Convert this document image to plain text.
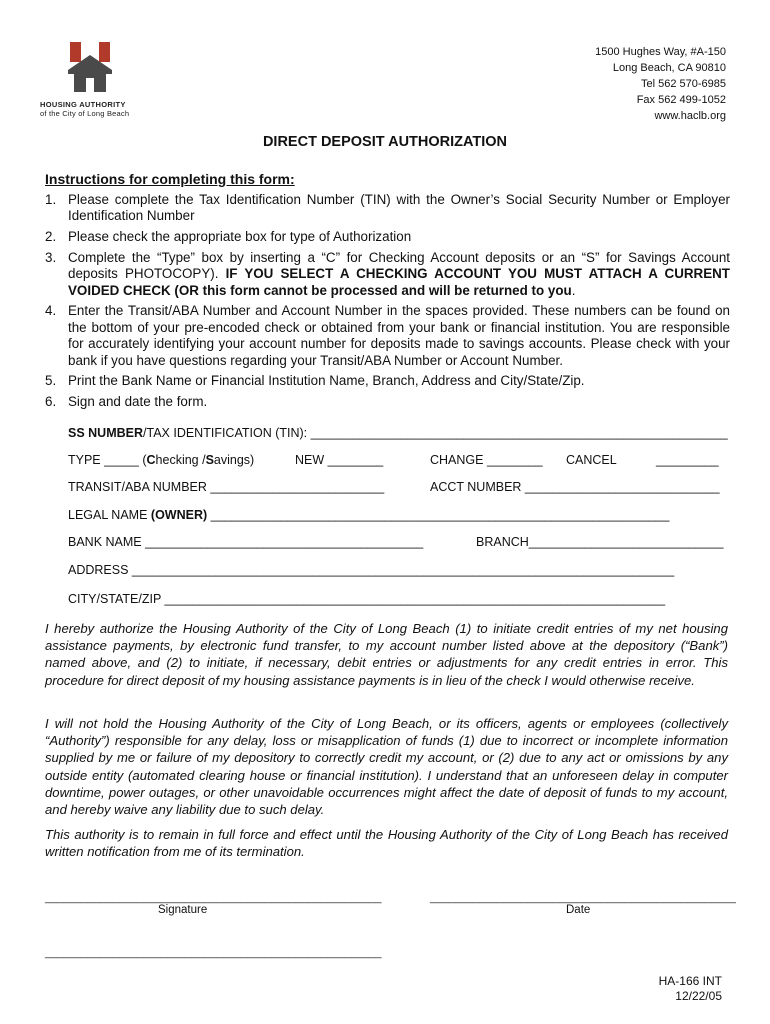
HOUSING AUTHORITY
of the City of Long Beach
1500 Hughes Way, #A-150
Long Beach, CA 90810
Tel 562 570-6985
Fax 562 499-1052
www.haclb.org
DIRECT DEPOSIT AUTHORIZATION
Instructions for completing this form:
1. Please complete the Tax Identification Number (TIN) with the Owner’s Social Security Number or Employer Identification Number
2. Please check the appropriate box for type of Authorization
3. Complete the “Type” box by inserting a “C” for Checking Account deposits or an “S” for Savings Account deposits PHOTOCOPY). IF YOU SELECT A CHECKING ACCOUNT YOU MUST ATTACH A CURRENT VOIDED CHECK (OR this form cannot be processed and will be returned to you.
4. Enter the Transit/ABA Number and Account Number in the spaces provided. These numbers can be found on the bottom of your pre-encoded check or obtained from your bank or financial institution. You are responsible for accurately identifying your account number for deposits made to savings accounts. Please check with your bank if you have questions regarding your Transit/ABA Number or Account Number.
5. Print the Bank Name or Financial Institution Name, Branch, Address and City/State/Zip.
6. Sign and date the form.
SS NUMBER/TAX IDENTIFICATION (TIN): ____________________________________________________________
TYPE _____ (Checking /Savings)	NEW ________	CHANGE ________ CANCEL	_________
TRANSIT/ABA NUMBER _________________________	ACCT NUMBER ____________________________
LEGAL NAME (OWNER) __________________________________________________________________
BANK NAME ________________________________________	BRANCH____________________________
ADDRESS ______________________________________________________________________________
CITY/STATE/ZIP ________________________________________________________________________
I hereby authorize the Housing Authority of the City of Long Beach (1) to initiate credit entries of my net housing assistance payments, by electronic fund transfer, to my account number listed above at the depository (“Bank”) named above, and (2) to initiate, if necessary, debit entries or adjustments for any credit entries in error. This procedure for direct deposit of my housing assistance payments is in lieu of the check I would otherwise receive.
I will not hold the Housing Authority of the City of Long Beach, or its officers, agents or employees (collectively “Authority”) responsible for any delay, loss or misapplication of funds (1) due to incorrect or incomplete information supplied by me or failure of my depository to correctly credit my account, or (2) due to any act or omissions by any outside entity (automated clearing house or financial institution). I understand that an unforeseen delay in computer downtime, power outages, or other unavoidable occurrences might affect the date of deposit of funds to my account, and hereby waive any liability due to such delay.
This authority is to remain in full force and effect until the Housing Authority of the City of Long Beach has received written notification from me of its termination.
_______________________________________________________
Signature
__________________________________________________
Date
_______________________________________________________
HA-166 INT
12/22/05
